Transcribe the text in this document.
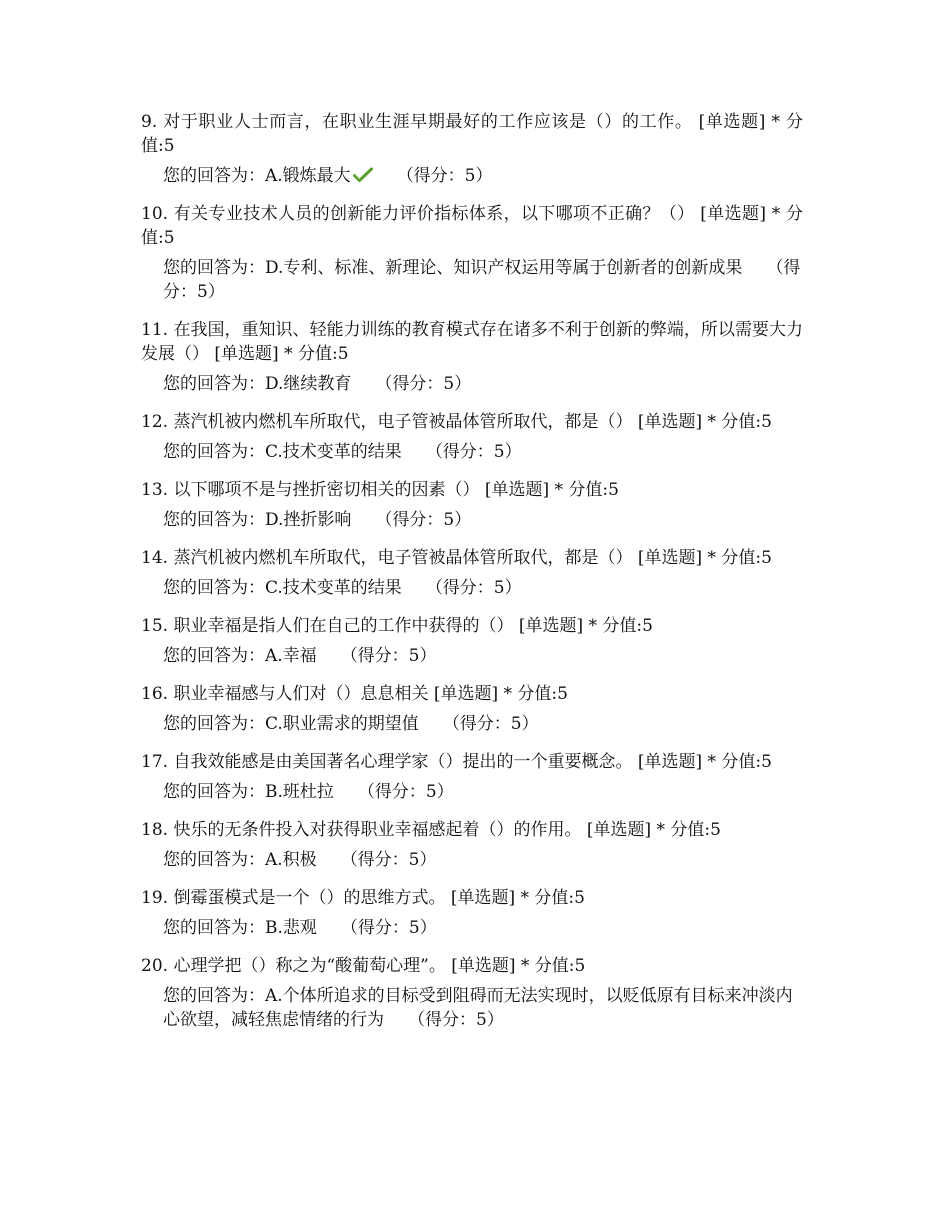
9. 对于职业人士而言，在职业生涯早期最好的工作应该是（）的工作。 [单选题] * 分值:5

您的回答为：A.锻炼最大	（得分：5）

10. 有关专业技术人员的创新能力评价指标体系，以下哪项不正确？（） [单选题] * 分值:5

您的回答为：D.专利、标准、新理论、知识产权运用等属于创新者的创新成果 （得分：5）

11. 在我国，重知识、轻能力训练的教育模式存在诸多不利于创新的弊端，所以需要大力发展（） [单选题] * 分值:5

您的回答为：D.继续教育 （得分：5）

12. 蒸汽机被内燃机车所取代，电子管被晶体管所取代，都是（） [单选题] * 分值:5

您的回答为：C.技术变革的结果 （得分：5）

13. 以下哪项不是与挫折密切相关的因素（） [单选题] * 分值:5

您的回答为：D.挫折影响 （得分：5）

14. 蒸汽机被内燃机车所取代，电子管被晶体管所取代，都是（） [单选题] * 分值:5

您的回答为：C.技术变革的结果 （得分：5）

15. 职业幸福是指人们在自己的工作中获得的（） [单选题] * 分值:5

您的回答为：A.幸福 （得分：5）

16. 职业幸福感与人们对（）息息相关 [单选题] * 分值:5

您的回答为：C.职业需求的期望值 （得分：5）

17. 自我效能感是由美国著名心理学家（）提出的一个重要概念。 [单选题] * 分值:5

您的回答为：B.班杜拉 （得分：5）

18. 快乐的无条件投入对获得职业幸福感起着（）的作用。 [单选题] * 分值:5

您的回答为：A.积极 （得分：5）

19. 倒霉蛋模式是一个（）的思维方式。 [单选题] * 分值:5

您的回答为：B.悲观 （得分：5）

20. 心理学把（）称之为“酸葡萄心理”。 [单选题] * 分值:5

您的回答为：A.个体所追求的目标受到阻碍而无法实现时，以贬低原有目标来冲淡内心欲望，减轻焦虑情绪的行为 （得分：5）
